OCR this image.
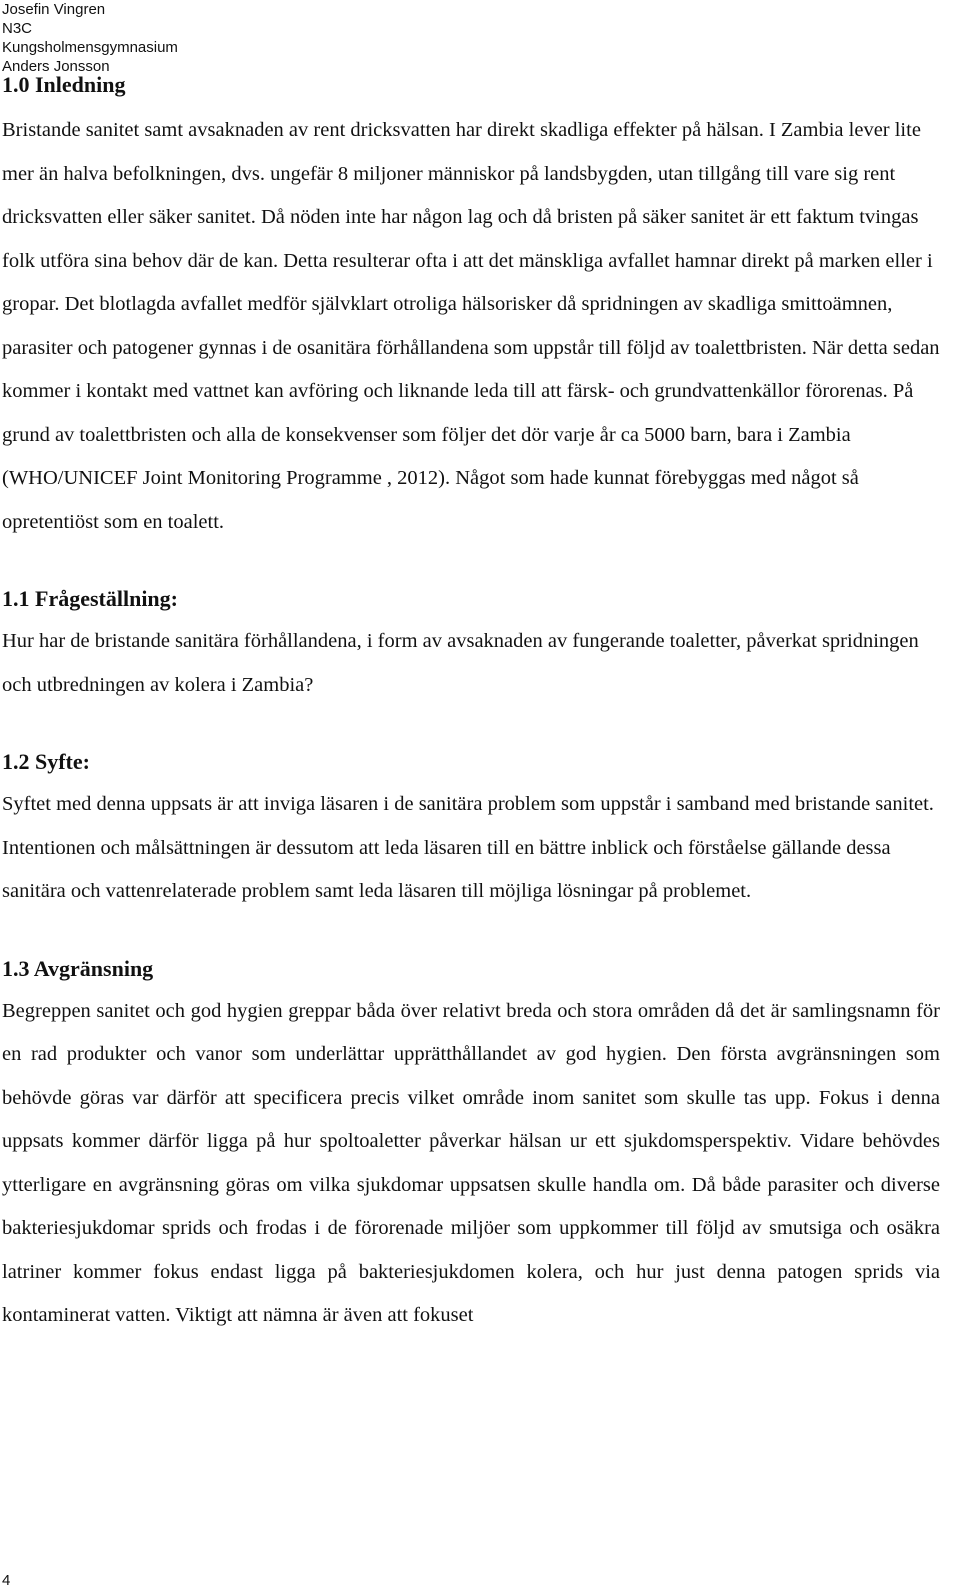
Josefin Vingren
N3C
Kungsholmensgymnasium
Anders Jonsson
1.0 Inledning

Bristande sanitet samt avsaknaden av rent dricksvatten har direkt skadliga effekter på hälsan. I Zambia lever lite mer än halva befolkningen, dvs. ungefär 8 miljoner människor på landsbygden, utan tillgång till vare sig rent dricksvatten eller säker sanitet. Då nöden inte har någon lag och då bristen på säker sanitet är ett faktum tvingas folk utföra sina behov där de kan. Detta resulterar ofta i att det mänskliga avfallet hamnar direkt på marken eller i gropar. Det blotlagda avfallet medför självklart otroliga hälsorisker då spridningen av skadliga smittoämnen, parasiter och patogener gynnas i de osanitära förhållandena som uppstår till följd av toalettbristen. När detta sedan kommer i kontakt med vattnet kan avföring och liknande leda till att färsk- och grundvattenkällor förorenas. På grund av toalettbristen och alla de konsekvenser som följer det dör varje år ca 5000 barn, bara i Zambia (WHO/UNICEF Joint Monitoring Programme , 2012). Något som hade kunnat förebyggas med något så opretentiöst som en toalett.

1.1 Frågeställning:

Hur har de bristande sanitära förhållandena, i form av avsaknaden av fungerande toaletter, påverkat spridningen och utbredningen av kolera i Zambia?

1.2 Syfte:

Syftet med denna uppsats är att inviga läsaren i de sanitära problem som uppstår i samband med bristande sanitet. Intentionen och målsättningen är dessutom att leda läsaren till en bättre inblick och förståelse gällande dessa sanitära och vattenrelaterade problem samt leda läsaren till möjliga lösningar på problemet.

1.3 Avgränsning

Begreppen sanitet och god hygien greppar båda över relativt breda och stora områden då det är samlingsnamn för en rad produkter och vanor som underlättar upprätthållandet av god hygien. Den första avgränsningen som behövde göras var därför att specificera precis vilket område inom sanitet som skulle tas upp. Fokus i denna uppsats kommer därför ligga på hur spoltoaletter påverkar hälsan ur ett sjukdomsperspektiv. Vidare behövdes ytterligare en avgränsning göras om vilka sjukdomar uppsatsen skulle handla om. Då både parasiter och diverse bakteriesjukdomar sprids och frodas i de förorenade miljöer som uppkommer till följd av smutsiga och osäkra latriner kommer fokus endast ligga på bakteriesjukdomen kolera, och hur just denna patogen sprids via kontaminerat vatten. Viktigt att nämna är även att fokuset

4
